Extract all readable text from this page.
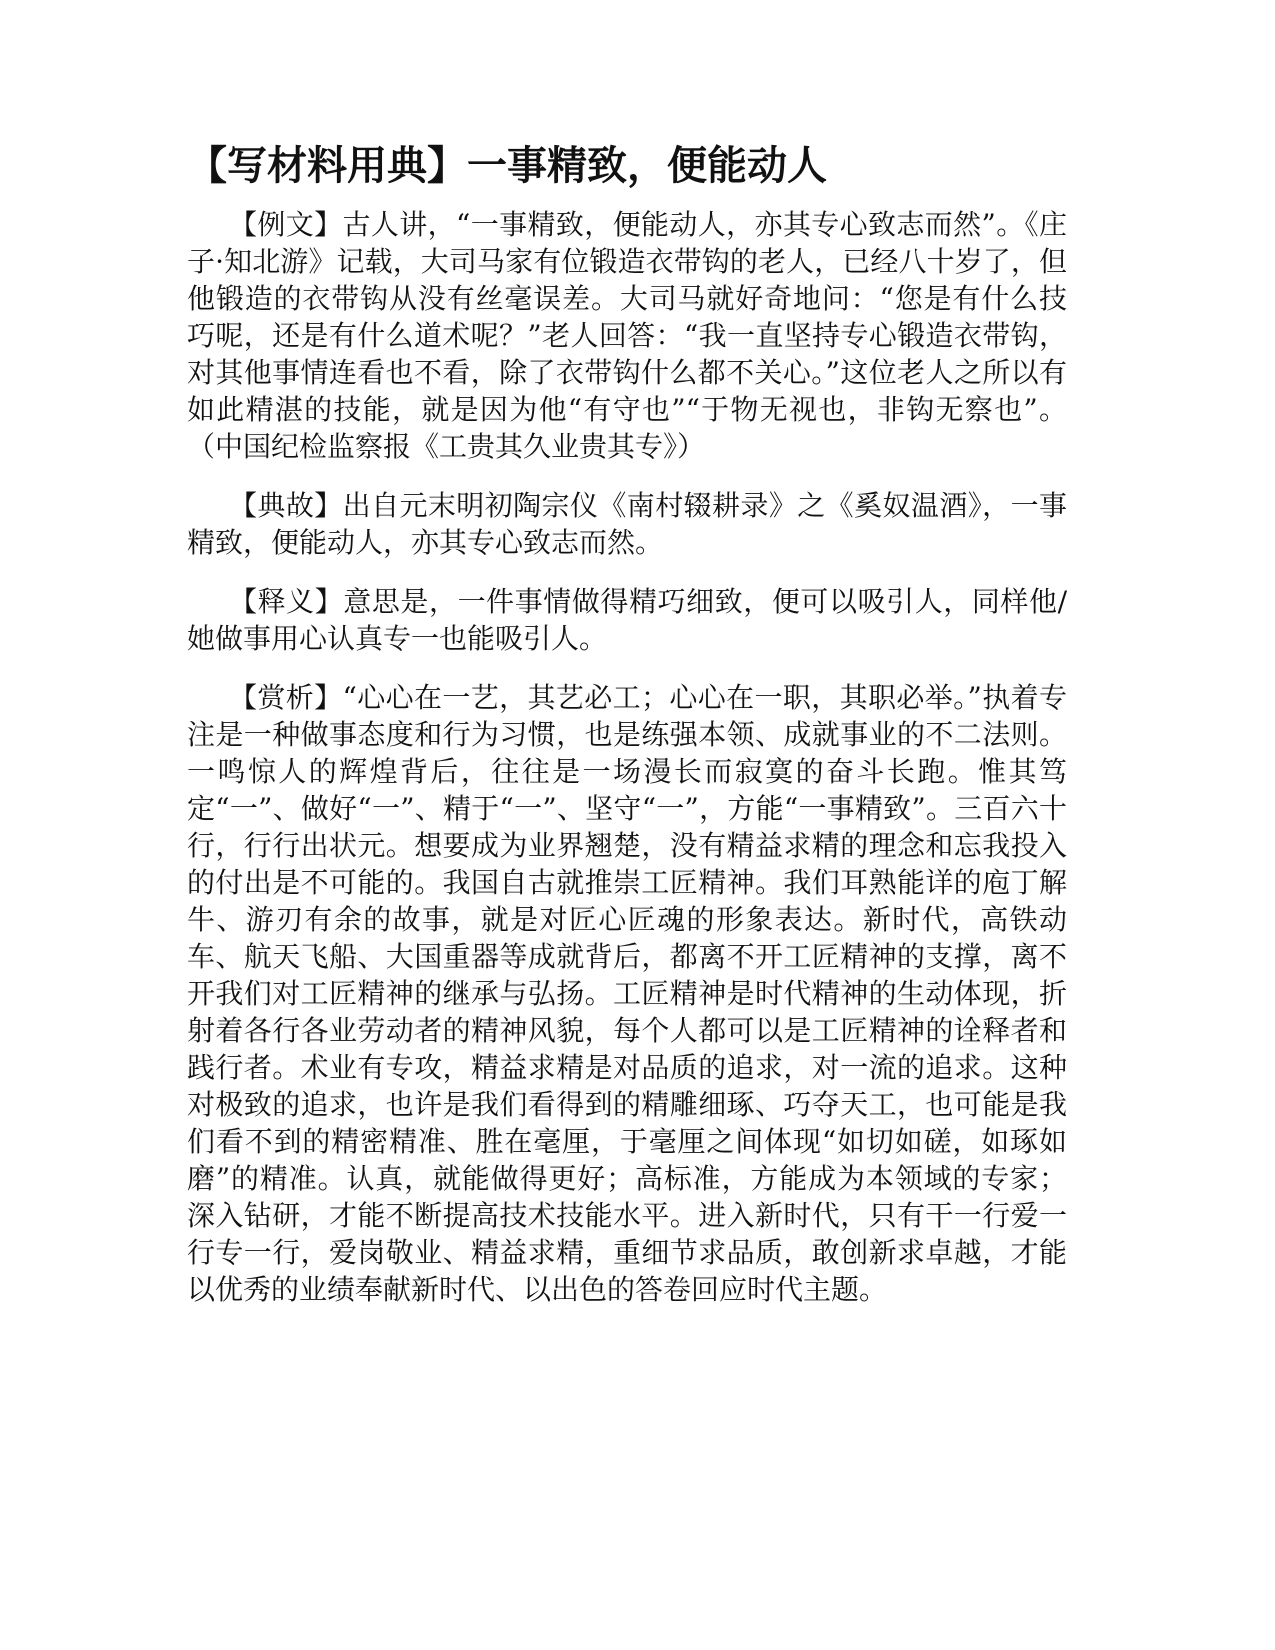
【写材料用典】一事精致，便能动人

【例文】古人讲，“一事精致，便能动人，亦其专心致志而然”。《庄子·知北游》记载，大司马家有位锻造衣带钩的老人，已经八十岁了，但他锻造的衣带钩从没有丝毫误差。大司马就好奇地问：“您是有什么技巧呢，还是有什么道术呢？”老人回答：“我一直坚持专心锻造衣带钩，对其他事情连看也不看，除了衣带钩什么都不关心。”这位老人之所以有如此精湛的技能，就是因为他“有守也”“于物无视也，非钩无察也”。（中国纪检监察报《工贵其久业贵其专》）

【典故】出自元末明初陶宗仪《南村辍耕录》之《奚奴温酒》，一事精致，便能动人，亦其专心致志而然。

【释义】意思是，一件事情做得精巧细致，便可以吸引人，同样他/她做事用心认真专一也能吸引人。

【赏析】“心心在一艺，其艺必工；心心在一职，其职必举。”执着专注是一种做事态度和行为习惯，也是练强本领、成就事业的不二法则。一鸣惊人的辉煌背后，往往是一场漫长而寂寞的奋斗长跑。惟其笃定“一”、做好“一”、精于“一”、坚守“一”，方能“一事精致”。三百六十行，行行出状元。想要成为业界翘楚，没有精益求精的理念和忘我投入的付出是不可能的。我国自古就推崇工匠精神。我们耳熟能详的庖丁解牛、游刃有余的故事，就是对匠心匠魂的形象表达。新时代，高铁动车、航天飞船、大国重器等成就背后，都离不开工匠精神的支撑，离不开我们对工匠精神的继承与弘扬。工匠精神是时代精神的生动体现，折射着各行各业劳动者的精神风貌，每个人都可以是工匠精神的诠释者和践行者。术业有专攻，精益求精是对品质的追求，对一流的追求。这种对极致的追求，也许是我们看得到的精雕细琢、巧夺天工，也可能是我们看不到的精密精准、胜在毫厘，于毫厘之间体现“如切如磋，如琢如磨”的精准。认真，就能做得更好；高标准，方能成为本领域的专家；深入钻研，才能不断提高技术技能水平。进入新时代，只有干一行爱一行专一行，爱岗敬业、精益求精，重细节求品质，敢创新求卓越，才能以优秀的业绩奉献新时代、以出色的答卷回应时代主题。
